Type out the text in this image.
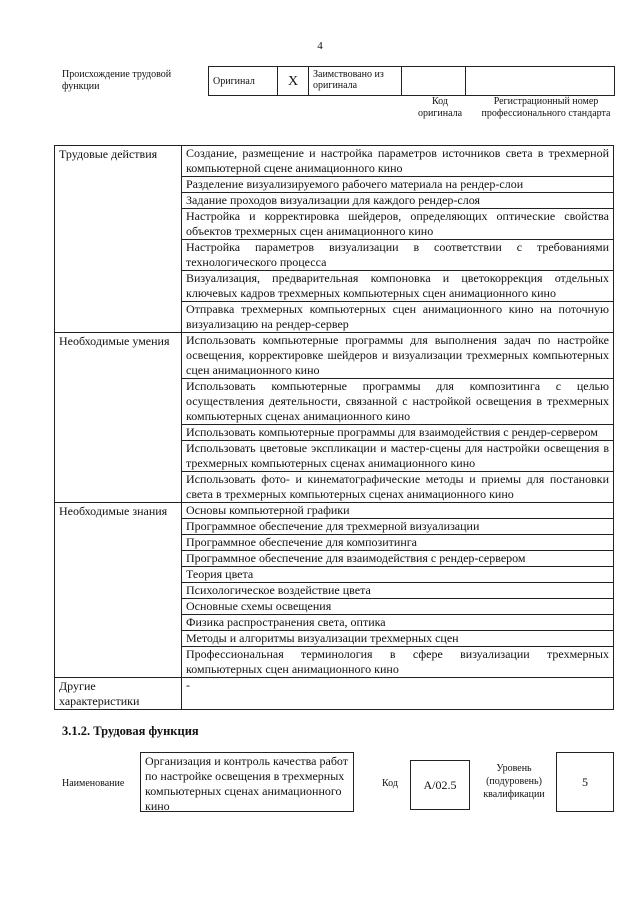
4
Происхождение трудовой функции	Оригинал	X	Заимствовано из оригинала		
Код оригинала
Регистрационный номер профессионального стандарта
Трудовые действия	Создание, размещение и настройка параметров источников света в трехмерной компьютерной сцене анимационного кино
	Разделение визуализируемого рабочего материала на рендер-слои
	Задание проходов визуализации для каждого рендер-слоя
	Настройка и корректировка шейдеров, определяющих оптические свойства объектов трехмерных сцен анимационного кино
	Настройка параметров визуализации в соответствии с требованиями технологического процесса
	Визуализация, предварительная компоновка и цветокоррекция отдельных ключевых кадров трехмерных компьютерных сцен анимационного кино
	Отправка трехмерных компьютерных сцен анимационного кино на поточную визуализацию на рендер-сервер
Необходимые умения	Использовать компьютерные программы для выполнения задач по настройке освещения, корректировке шейдеров и визуализации трехмерных компьютерных сцен анимационного кино
	Использовать компьютерные программы для композитинга с целью осуществления деятельности, связанной с настройкой освещения в трехмерных компьютерных сценах анимационного кино
	Использовать компьютерные программы для взаимодействия с рендер-сервером
	Использовать цветовые экспликации и мастер-сцены для настройки освещения в трехмерных компьютерных сценах анимационного кино
	Использовать фото- и кинематографические методы и приемы для постановки света в трехмерных компьютерных сценах анимационного кино
Необходимые знания	Основы компьютерной графики
	Программное обеспечение для трехмерной визуализации
	Программное обеспечение для композитинга
	Программное обеспечение для взаимодействия с рендер-сервером
	Теория цвета
	Психологическое воздействие цвета
	Основные схемы освещения
	Физика распространения света, оптика
	Методы и алгоритмы визуализации трехмерных сцен
	Профессиональная терминология в сфере визуализации трехмерных компьютерных сцен анимационного кино
Другие характеристики	-
3.1.2. Трудовая функция
Наименование
Организация и контроль качества работ по настройке освещения в трехмерных компьютерных сценах анимационного кино
Код	A/02.5
Уровень (подуровень) квалификации
5
